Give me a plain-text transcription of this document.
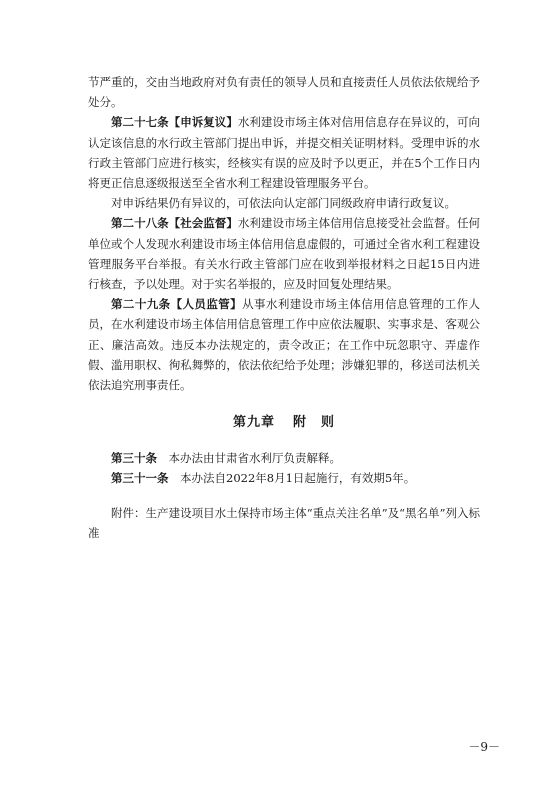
节严重的，交由当地政府对负有责任的领导人员和直接责任人员依法依规给予处分。

第二十七条【申诉复议】水利建设市场主体对信用信息存在异议的，可向认定该信息的水行政主管部门提出申诉，并提交相关证明材料。受理申诉的水行政主管部门应进行核实，经核实有误的应及时予以更正，并在5个工作日内将更正信息逐级报送至全省水利工程建设管理服务平台。

对申诉结果仍有异议的，可依法向认定部门同级政府申请行政复议。

第二十八条【社会监督】水利建设市场主体信用信息接受社会监督。任何单位或个人发现水利建设市场主体信用信息虚假的，可通过全省水利工程建设管理服务平台举报。有关水行政主管部门应在收到举报材料之日起15日内进行核查，予以处理。对于实名举报的，应及时回复处理结果。

第二十九条【人员监管】从事水利建设市场主体信用信息管理的工作人员，在水利建设市场主体信用信息管理工作中应依法履职、实事求是、客观公正、廉洁高效。违反本办法规定的，责令改正；在工作中玩忽职守、弄虚作假、滥用职权、徇私舞弊的，依法依纪给予处理；涉嫌犯罪的，移送司法机关依法追究刑事责任。

第九章 附　则

第三十条　 本办法由甘肃省水利厅负责解释。

第三十一条　 本办法自2022年8月1日起施行，有效期5年。

附件：生产建设项目水土保持市场主体“重点关注名单”及“黑名单”列入标准

－9－
